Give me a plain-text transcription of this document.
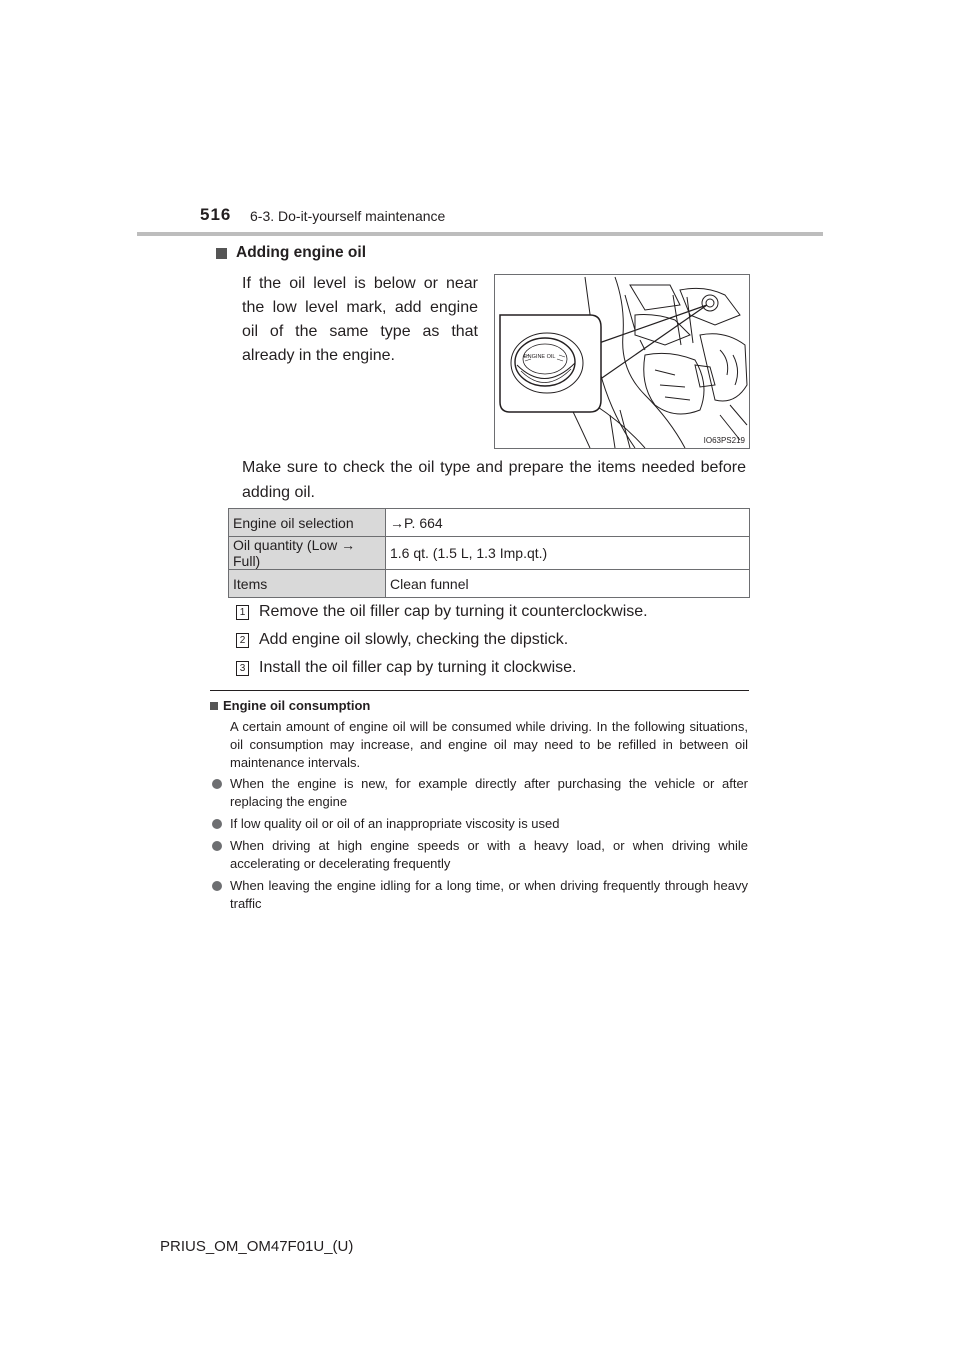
516 6-3. Do-it-yourself maintenance
Adding engine oil
If the oil level is below or near the low level mark, add engine oil of the same type as that already in the engine.	ENGINE OIL
IO63PS219
Make sure to check the oil type and prepare the items needed before adding oil.
Engine oil selection	→P. 664
Oil quantity (Low → Full)	1.6 qt. (1.5 L, 1.3 Imp.qt.)
Items	Clean funnel
1 Remove the oil filler cap by turning it counterclockwise.
2 Add engine oil slowly, checking the dipstick.
3 Install the oil filler cap by turning it clockwise.
Engine oil consumption
A certain amount of engine oil will be consumed while driving. In the following situations, oil consumption may increase, and engine oil may need to be refilled in between oil maintenance intervals.
When the engine is new, for example directly after purchasing the vehicle or after replacing the engine
If low quality oil or oil of an inappropriate viscosity is used
When driving at high engine speeds or with a heavy load, or when driving while accelerating or decelerating frequently
When leaving the engine idling for a long time, or when driving frequently through heavy traffic
PRIUS_OM_OM47F01U_(U)
